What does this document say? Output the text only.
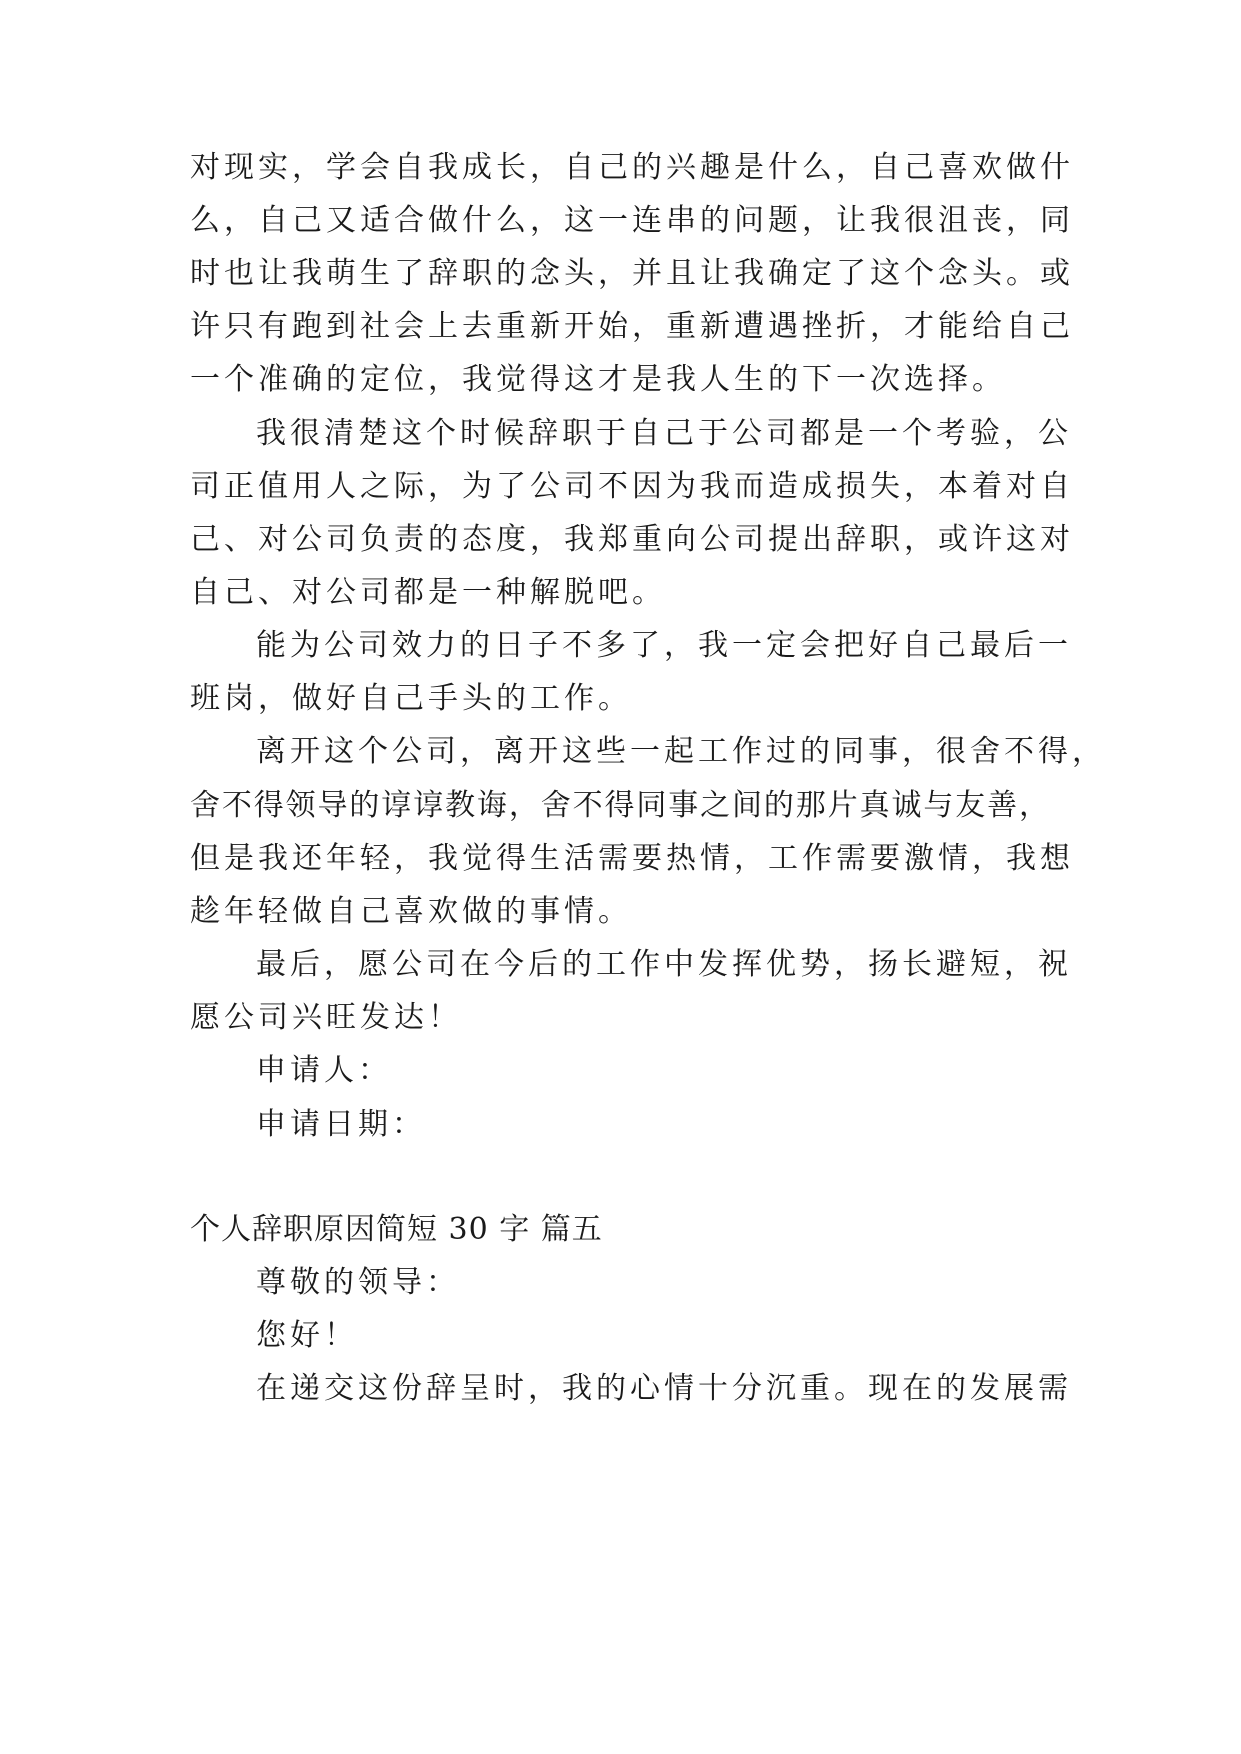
对现实，学会自我成长，自己的兴趣是什么，自己喜欢做什
么，自己又适合做什么，这一连串的问题，让我很沮丧，同
时也让我萌生了辞职的念头，并且让我确定了这个念头。或
许只有跑到社会上去重新开始，重新遭遇挫折，才能给自己
一个准确的定位，我觉得这才是我人生的下一次选择。
我很清楚这个时候辞职于自己于公司都是一个考验，公
司正值用人之际，为了公司不因为我而造成损失，本着对自
己、对公司负责的态度，我郑重向公司提出辞职，或许这对
自己、对公司都是一种解脱吧。
能为公司效力的日子不多了，我一定会把好自己最后一
班岗，做好自己手头的工作。
离开这个公司，离开这些一起工作过的同事，很舍不得，
舍不得领导的谆谆教诲，舍不得同事之间的那片真诚与友善，
但是我还年轻，我觉得生活需要热情，工作需要激情，我想
趁年轻做自己喜欢做的事情。
最后，愿公司在今后的工作中发挥优势，扬长避短，祝
愿公司兴旺发达！
申请人：
申请日期：
个人辞职原因简短 30 字 篇五
尊敬的领导：
您好！
在递交这份辞呈时，我的心情十分沉重。现在的发展需
